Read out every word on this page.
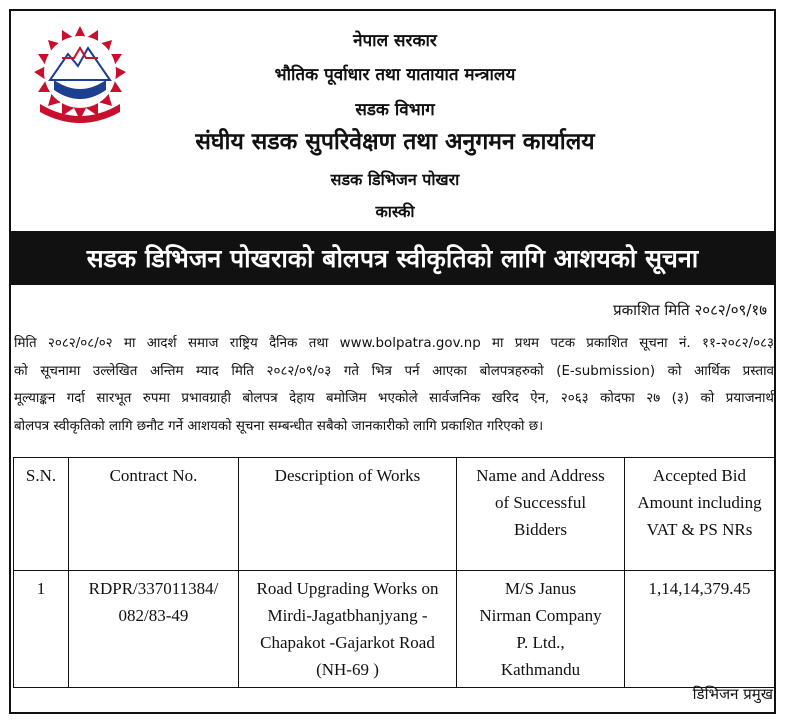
नेपाल सरकार
भौतिक पूर्वाधार तथा यातायात मन्त्रालय
सडक विभाग
संघीय सडक सुपरिवेक्षण तथा अनुगमन कार्यालय
सडक डिभिजन पोखरा
कास्की
सडक डिभिजन पोखराको बोलपत्र स्वीकृतिको लागि आशयको सूचना
प्रकाशित मिति २०८२/०९/१७
मिति २०८२/०८/०२ मा आदर्श समाज राष्ट्रिय दैनिक तथा www.bolpatra.gov.np मा प्रथम पटक प्रकाशित सूचना नं. ११-२०८२/०८३
को सूचनामा उल्लेखित अन्तिम म्याद मिति २०८२/०९/०३ गते भित्र पर्न आएका बोलपत्रहरुको (E-submission) को आर्थिक प्रस्ताव
मूल्याङ्कन गर्दा सारभूत रुपमा प्रभावग्राही बोलपत्र देहाय बमोजिम भएकोले सार्वजनिक खरिद ऐन, २०६३ कोदफा २७ (३) को प्रयाजनार्थ
बोलपत्र स्वीकृतिको लागि छनौट गर्ने आशयको सूचना सम्बन्धीत सबैको जानकारीको लागि प्रकाशित गरिएको छ।
S.N.	Contract No.	Description of Works	Name and Address of Successful Bidders	Accepted Bid Amount including VAT & PS NRs
1	RDPR/337011384/ 082/83-49	Road Upgrading Works on Mirdi-Jagatbhanjyang -Chapakot -Gajarkot Road (NH-69 )	M/S Janus Nirman Company P. Ltd., Kathmandu	1,14,14,379.45
डिभिजन प्रमुख
